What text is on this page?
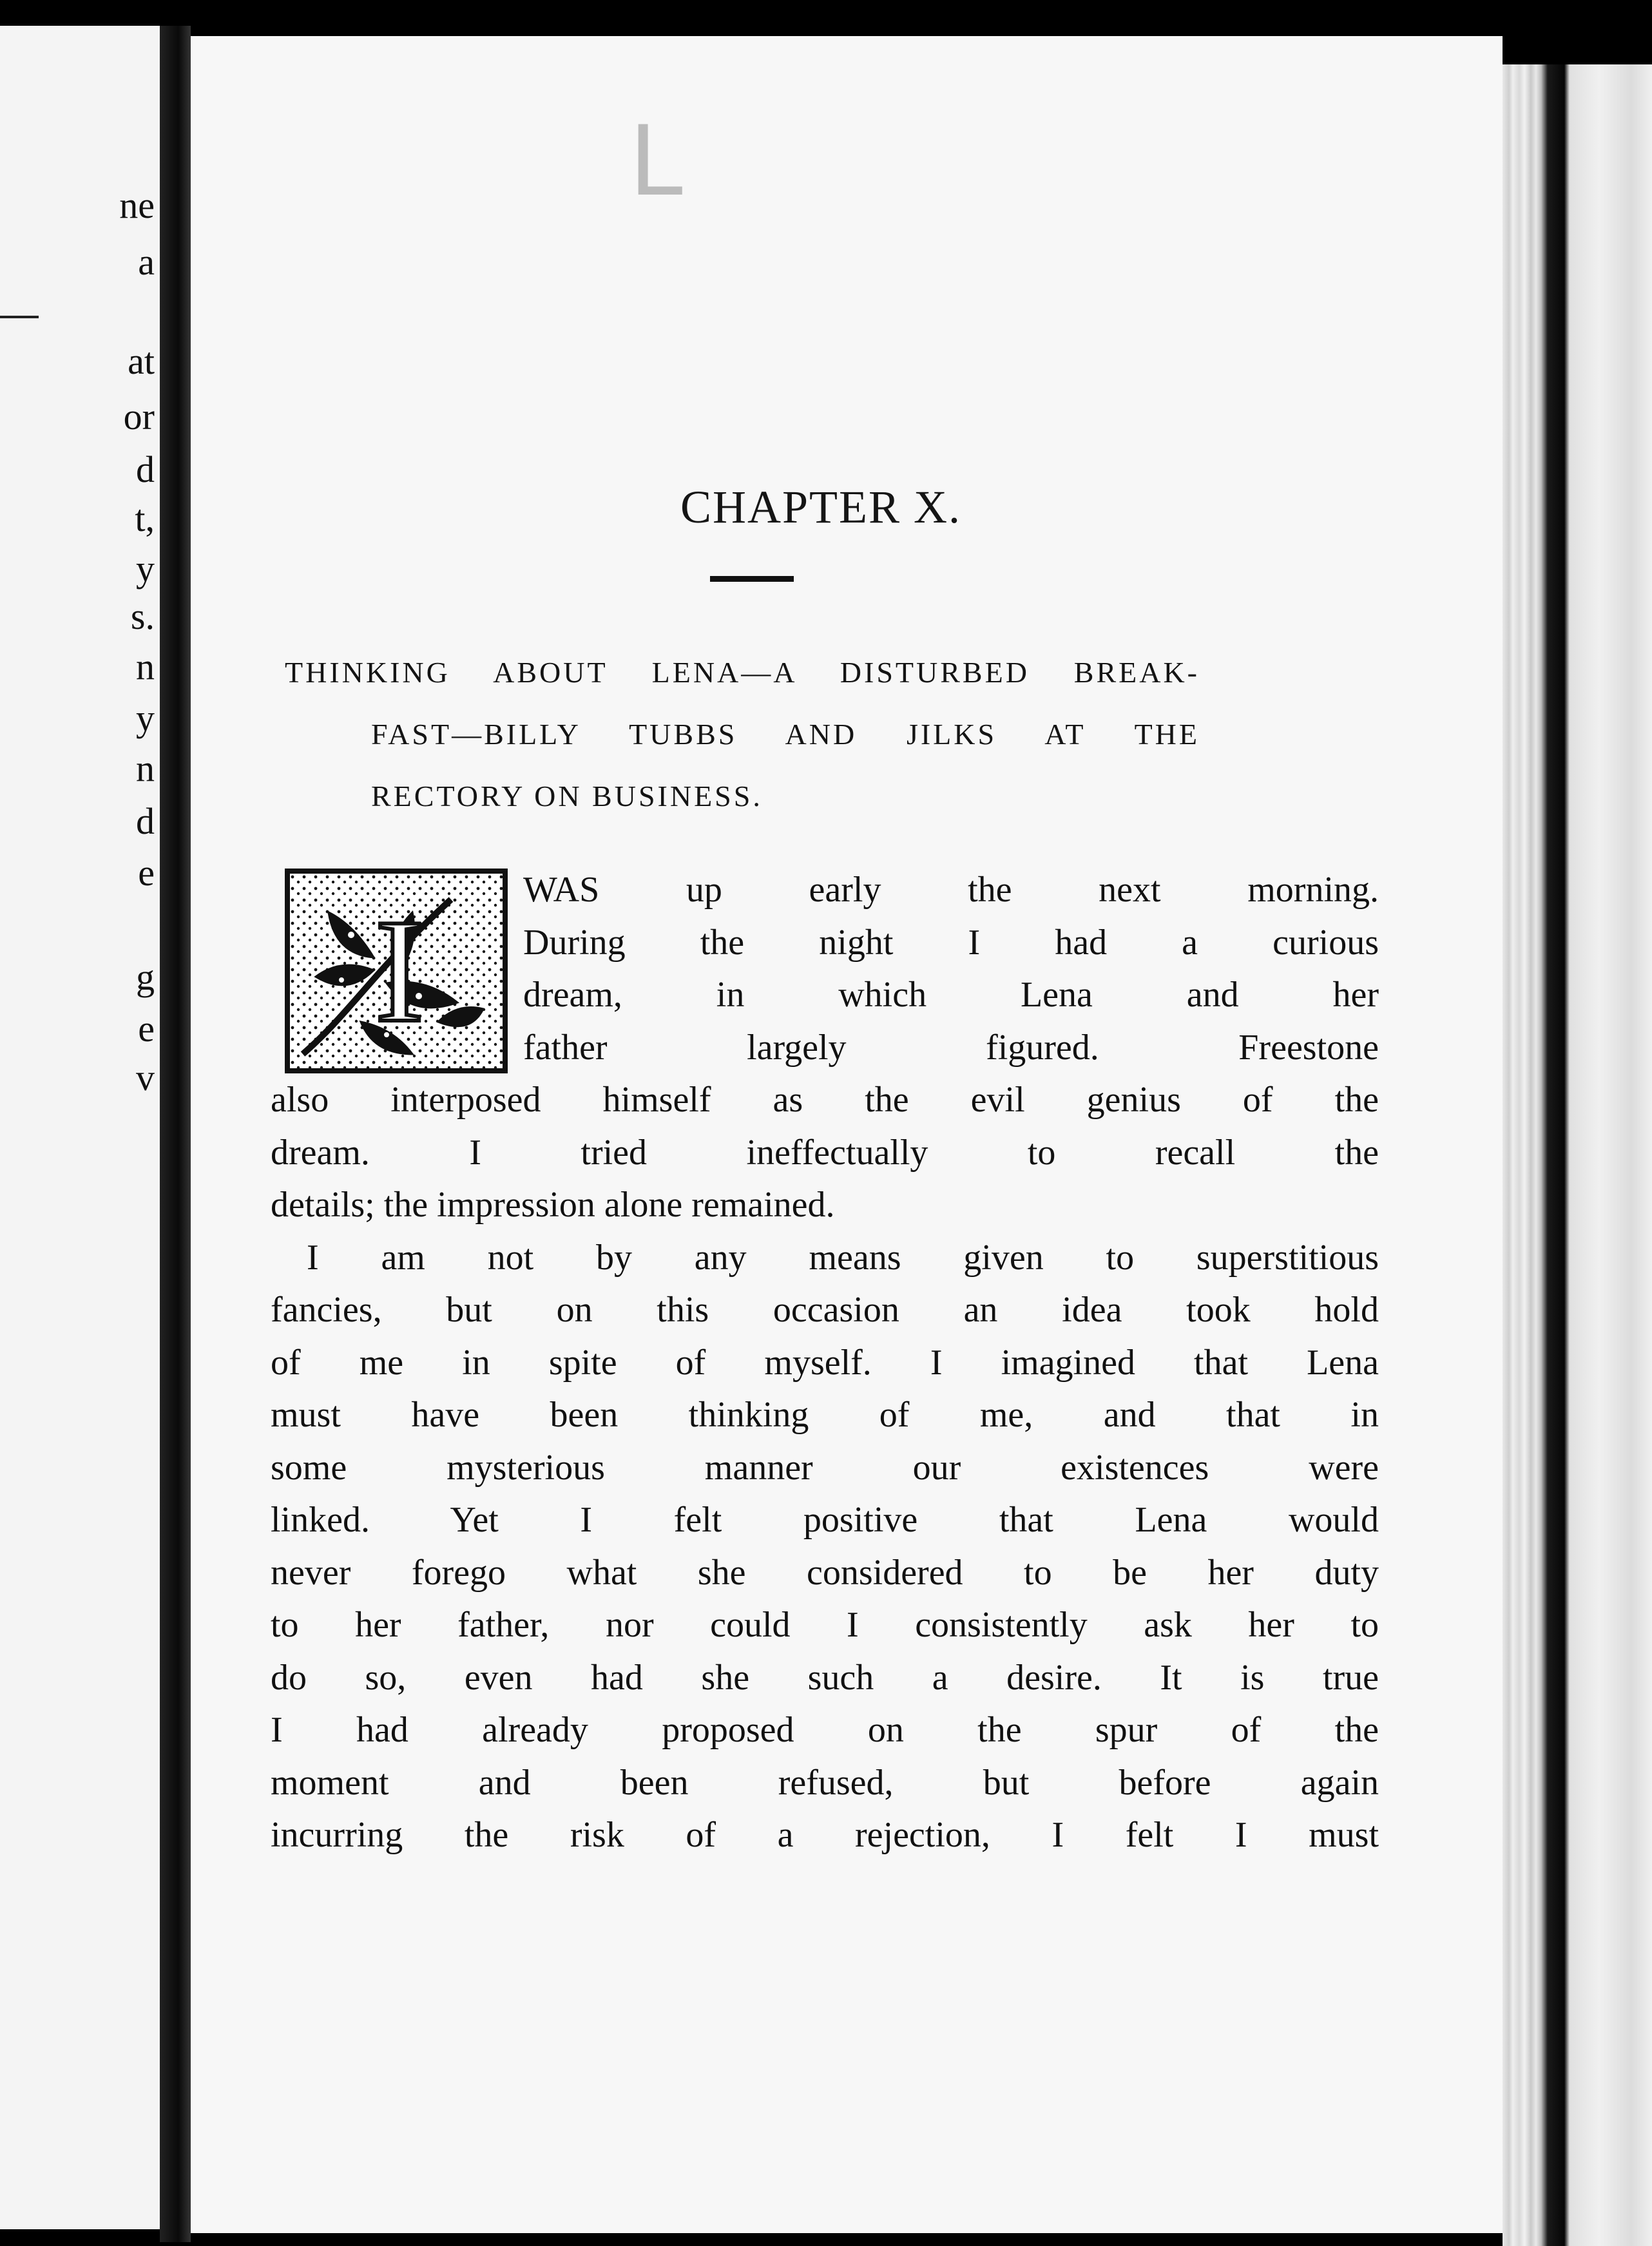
ne
a
at
or
d
t,
y
s.
n
y
n
d
e
g
e
v
L
CHAPTER X.
THINKING ABOUT LENA—A DISTURBED BREAK-
FAST—BILLY TUBBS AND JILKS AT THE
RECTORY ON BUSINESS.
I	WAS up early the next morning.
During the night I had a curious
dream, in which Lena and her
father largely figured. Freestone
also interposed himself as the evil genius of the
dream. I tried ineffectually to recall the
details; the impression alone remained.
I am not by any means given to superstitious
fancies, but on this occasion an idea took hold
of me in spite of myself. I imagined that Lena
must have been thinking of me, and that in
some mysterious manner our existences were
linked. Yet I felt positive that Lena would
never forego what she considered to be her duty
to her father, nor could I consistently ask her to
do so, even had she such a desire. It is true
I had already proposed on the spur of the
moment and been refused, but before again
incurring the risk of a rejection, I felt I must
